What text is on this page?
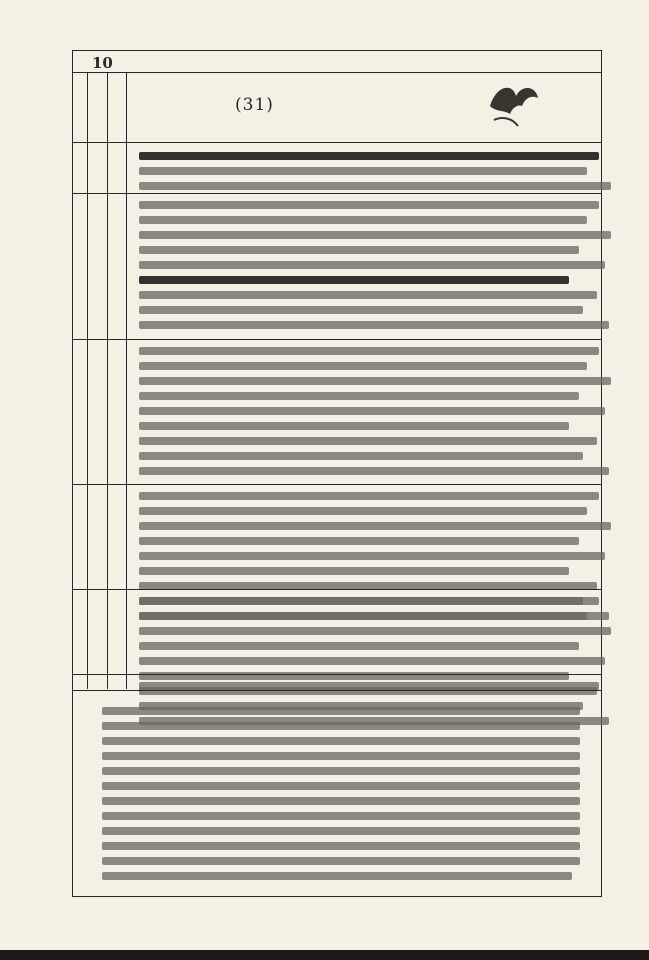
10
(31)
